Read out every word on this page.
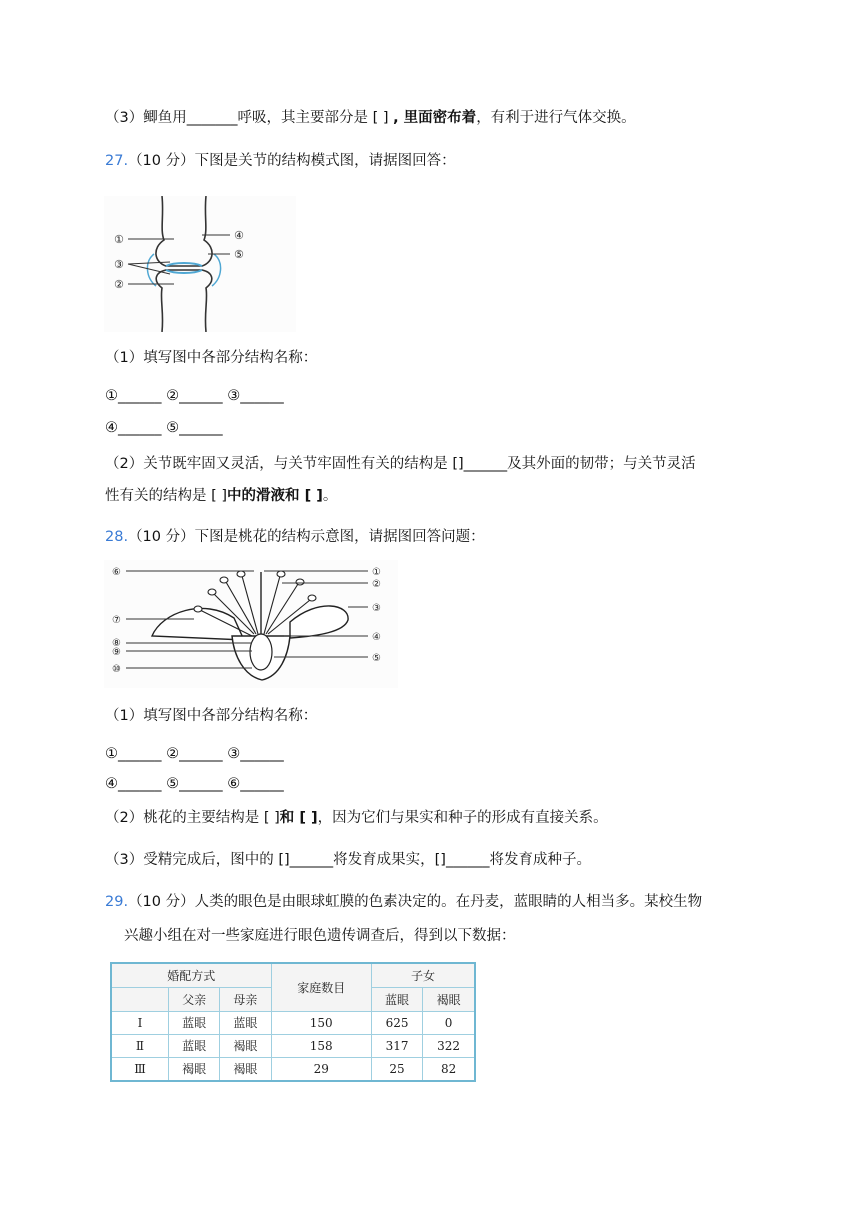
（3）鲫鱼用_______呼吸，其主要部分是 [ ] , 里面密布着，有利于进行气体交换。
27.（10 分）下图是关节的结构模式图，请据图回答：
①	④
⑤
③
②
（1）填写图中各部分结构名称：
①______ ②______ ③______
④______ ⑤______
（2）关节既牢固又灵活，与关节牢固性有关的结构是 []______及其外面的韧带；与关节灵活
性有关的结构是 [ ]中的滑液和 [ ]。
28.（10 分）下图是桃花的结构示意图，请据图回答问题：
⑥
⑦
⑧
⑨
⑩
①
②
③
④
⑤
（1）填写图中各部分结构名称：
①______ ②______ ③______
④______ ⑤______ ⑥______
（2）桃花的主要结构是 [ ]和 [ ]，因为它们与果实和种子的形成有直接关系。
（3）受精完成后，图中的 []______将发育成果实，[]______将发育成种子。
29.（10 分）人类的眼色是由眼球虹膜的色素决定的。在丹麦，蓝眼睛的人相当多。某校生物
兴趣小组在对一些家庭进行眼色遗传调查后，得到以下数据：
婚配方式			家庭数目	子女	
	父亲	母亲		蓝眼	褐眼
I	蓝眼	蓝眼	150	625	0
Ⅱ	蓝眼	褐眼	158	317	322
Ⅲ	褐眼	褐眼	29	25	82
